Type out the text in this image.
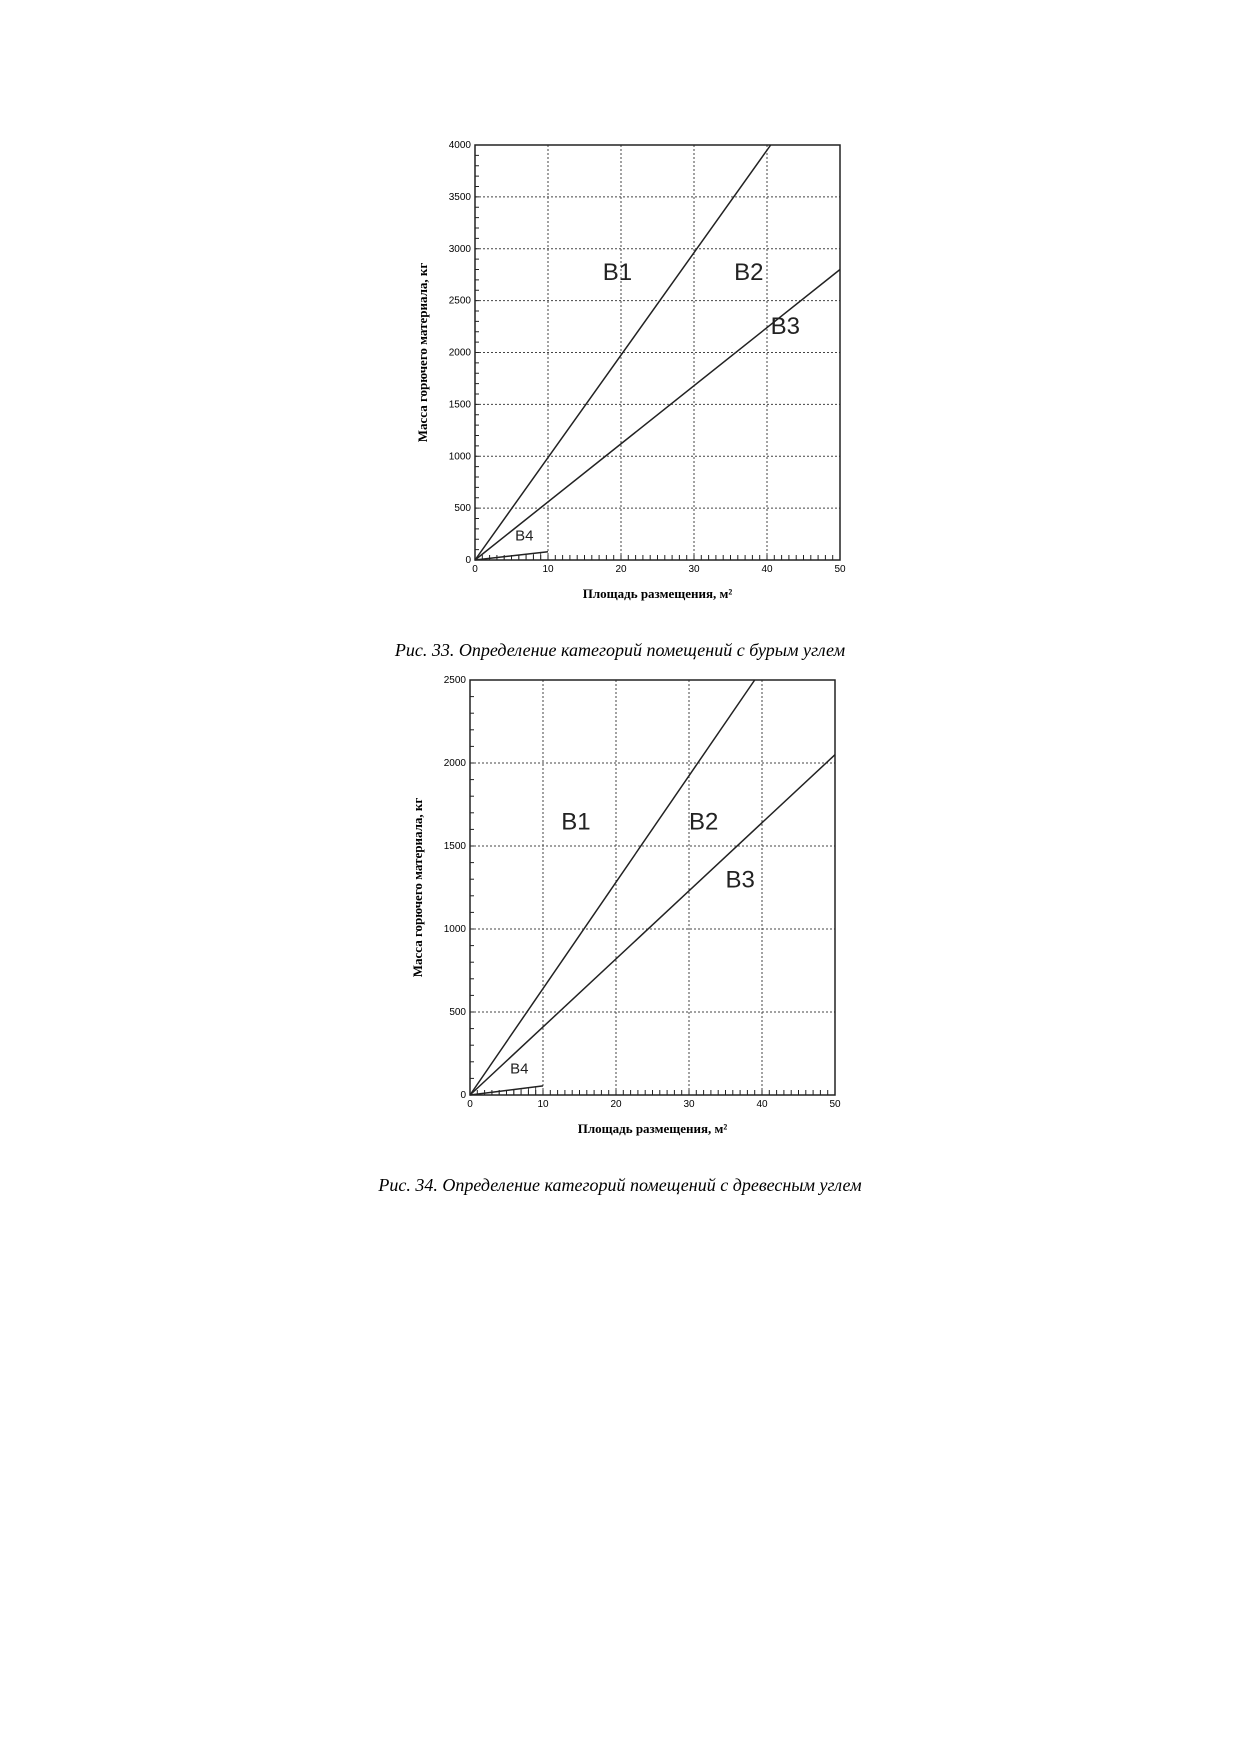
0	10	20	30	40	50
0
500
1000
1500
2000
2500
3000
3500
4000
В1	В2
В3
В4
Площадь размещения, м²
Масса горючего материала, кг
Рис. 33. Определение категорий помещений с бурым углем
0	10	20	30	40	50
0
500
1000
1500
2000
2500
В1	В2
В3
В4
Площадь размещения, м²
Масса горючего материала, кг
Рис. 34. Определение категорий помещений с древесным углем
